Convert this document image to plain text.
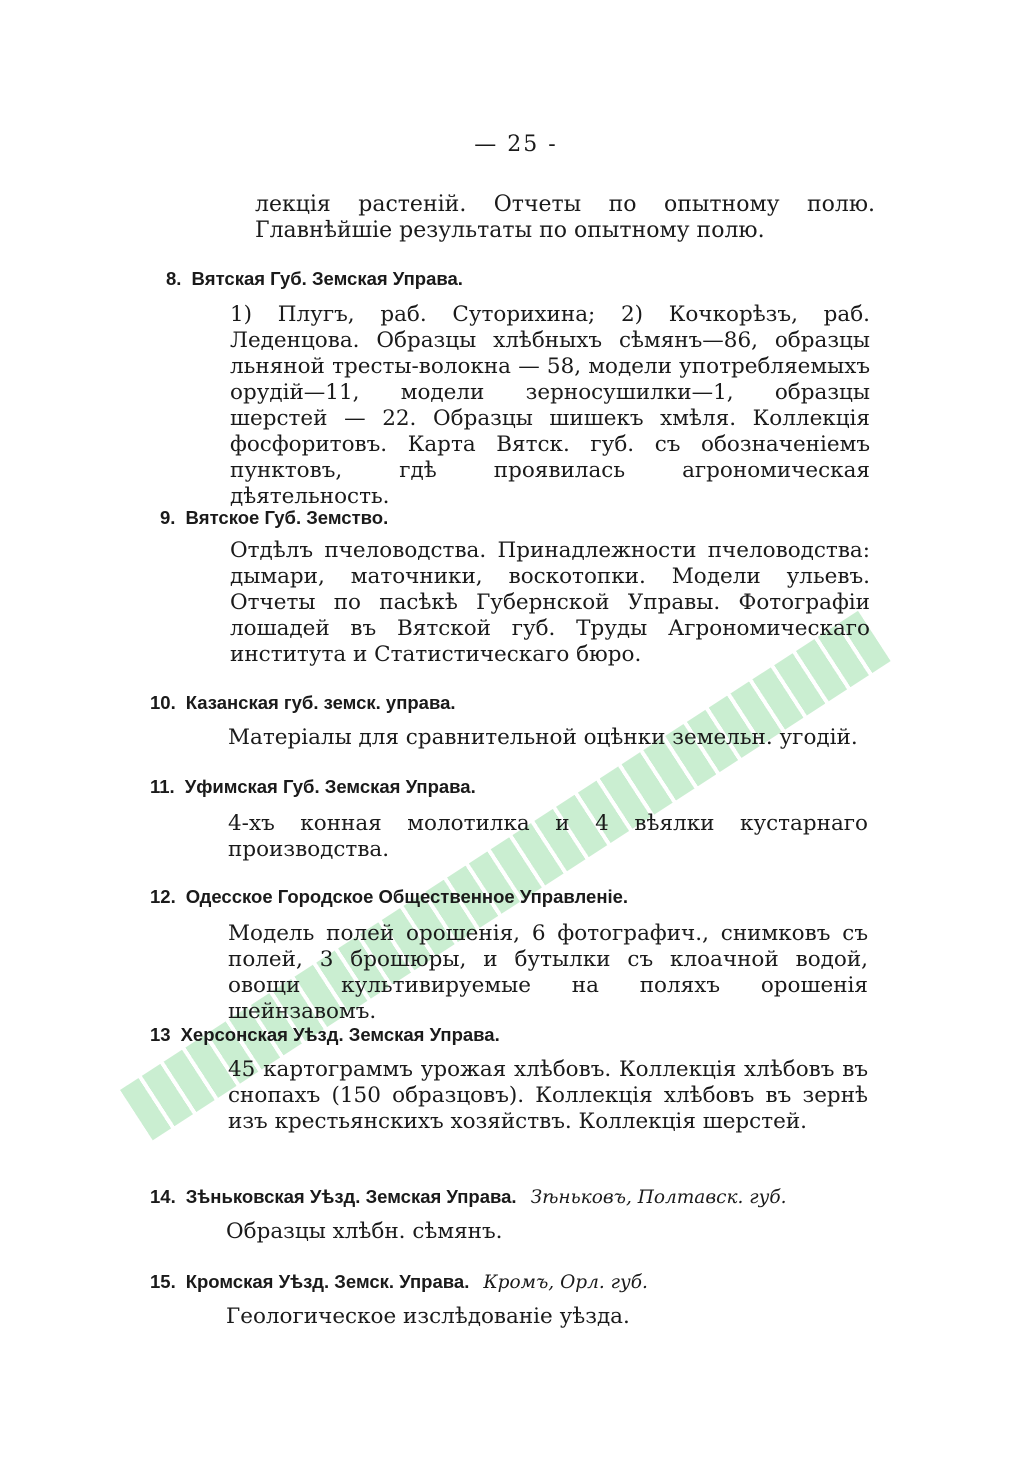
— 25 -
лекція растеній. Отчеты по опытному полю. Главнѣйшіе результаты по опытному полю.
8. Вятская Губ. Земская Управа.
1) Плугъ, раб. Суторихина; 2) Кочкорѣзъ, раб. Леденцова. Образцы хлѣбныхъ сѣмянъ—86, образцы льняной тресты-волокна — 58, модели употребляемыхъ орудій—11, модели зерносушилки—1, образцы шерстей — 22. Образцы шишекъ хмѣля. Коллекція фосфоритовъ. Карта Вятск. губ. съ обозначеніемъ пунктовъ, гдѣ проявилась агрономическая дѣятельность.
9. Вятское Губ. Земство.
Отдѣлъ пчеловодства. Принадлежности пчеловодства: дымари, маточники, воскотопки. Модели ульевъ. Отчеты по пасѣкѣ Губернской Управы. Фотографіи лошадей въ Вятской губ. Труды Агрономическаго института и Статистическаго бюро.
10. Казанская губ. земск. управа.
Матеріалы для сравнительной оцѣнки земельн. угодій.
11. Уфимская Губ. Земская Управа.
4-хъ конная молотилка и 4 вѣялки кустарнаго производства.
12. Одесское Городское Общественное Управленіе.
Модель полей орошенія, 6 фотографич., снимковъ съ полей, 3 брошюры, и бутылки съ клоачной водой, овощи культивируемые на поляхъ орошенія шейнзавомъ.
13 Херсонская Уѣзд. Земская Управа.
45 картограммъ урожая хлѣбовъ. Коллекція хлѣбовъ въ снопахъ (150 образцовъ). Коллекція хлѣбовъ въ зернѣ изъ крестьянскихъ хозяйствъ. Коллекція шерстей.
14. Зѣньковская Уѣзд. Земская Управа. Зѣньковъ, Полтавск. губ.
Образцы хлѣбн. сѣмянъ.
15. Кромская Уѣзд. Земск. Управа. Кромъ, Орл. губ.
Геологическое изслѣдованіе уѣзда.
